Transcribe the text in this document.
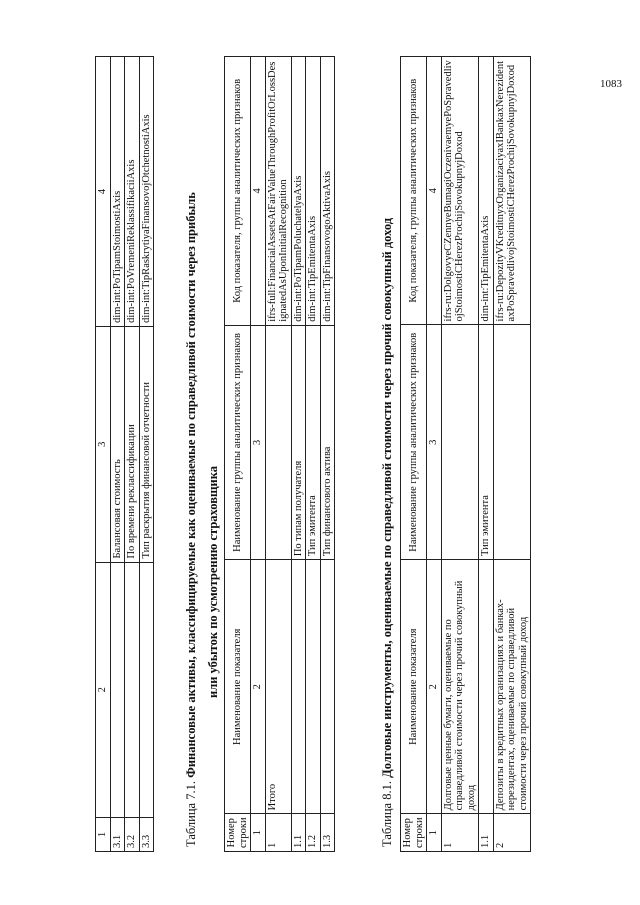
1083
1	2	3	4
3.1		Балансовая стоимость	dim-int:PoTipamStoimostiAxis
3.2		По времени реклассификации	dim-int:PoVremeniReklassifikaciiAxis
3.3		Тип раскрытия финансовой отчетности	dim-int:TipRaskrytiyaFinansovojOtchetnostiAxis
Таблица 7.1. Финансовые активы, классифицируемые как оцениваемые по справедливой стоимости через прибыль или убыток по усмотрению страховщика
Номер строки	Наименование показателя	Наименование группы аналитических признаков	Код показателя, группы аналитических признаков
1	2	3	4
1	Итого		ifrs-full:FinancialAssetsAtFairValueThroughProfitOrLossDesignatedAsUponInitialRecognition
1.1		По типам получателя	dim-int:PoTipamPoluchatelyaAxis
1.2		Тип эмитента	dim-int:TipEmitentaAxis
1.3		Тип финансового актива	dim-int:TipFinansovogoAktivaAxis
Таблица 8.1. Долговые инструменты, оцениваемые по справедливой стоимости через прочий совокупный доход
Номер строки	Наименование показателя	Наименование группы аналитических признаков	Код показателя, группы аналитических признаков
1	2	3	4
1	Долговые ценные бумаги, оцениваемые по справедливой стоимости через прочий совокупный доход		ifrs-ru:DolgovyeCZennyeBumagiOczenivaemyePoSpravedlivojStoimostiCHerezProchijSovokupnyjDoxod
1.1		Тип эмитента	dim-int:TipEmitentaAxis
2	Депозиты в кредитных организациях и банках-нерезидентах, оцениваемые по справедливой стоимости через прочий совокупный доход		ifrs-ru:DepozityVKreditnyxOrganizaciyaxIBankaxNerezidentaxPoSpravedlivojStoimostiCHerezProchijSovokupnyjDoxod
